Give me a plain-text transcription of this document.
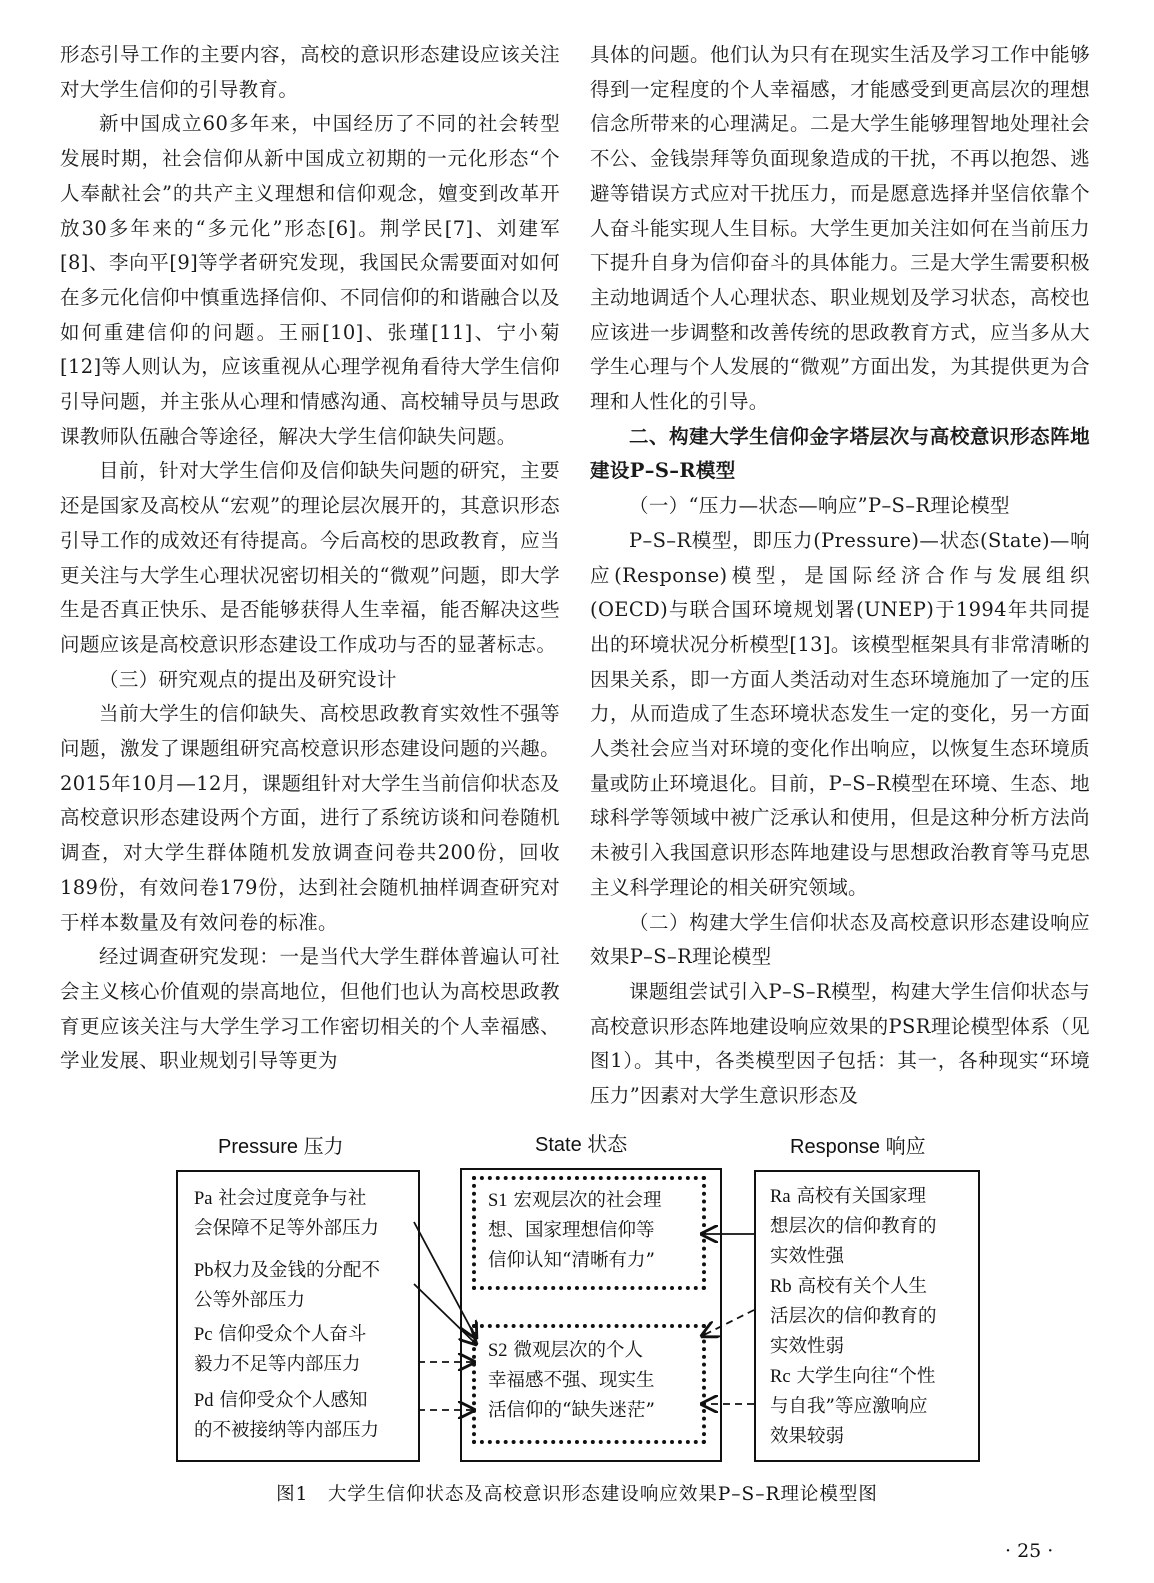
形态引导工作的主要内容，高校的意识形态建设应该关注对大学生信仰的引导教育。

新中国成立60多年来，中国经历了不同的社会转型发展时期，社会信仰从新中国成立初期的一元化形态“个人奉献社会”的共产主义理想和信仰观念，嬗变到改革开放30多年来的“多元化”形态[6]。荆学民[7]、刘建军[8]、李向平[9]等学者研究发现，我国民众需要面对如何在多元化信仰中慎重选择信仰、不同信仰的和谐融合以及如何重建信仰的问题。王丽[10]、张瑾[11]、宁小菊[12]等人则认为，应该重视从心理学视角看待大学生信仰引导问题，并主张从心理和情感沟通、高校辅导员与思政课教师队伍融合等途径，解决大学生信仰缺失问题。

目前，针对大学生信仰及信仰缺失问题的研究，主要还是国家及高校从“宏观”的理论层次展开的，其意识形态引导工作的成效还有待提高。今后高校的思政教育，应当更关注与大学生心理状况密切相关的“微观”问题，即大学生是否真正快乐、是否能够获得人生幸福，能否解决这些问题应该是高校意识形态建设工作成功与否的显著标志。

（三）研究观点的提出及研究设计

当前大学生的信仰缺失、高校思政教育实效性不强等问题，激发了课题组研究高校意识形态建设问题的兴趣。2015年10月—12月，课题组针对大学生当前信仰状态及高校意识形态建设两个方面，进行了系统访谈和问卷随机调查，对大学生群体随机发放调查问卷共200份，回收189份，有效问卷179份，达到社会随机抽样调查研究对于样本数量及有效问卷的标准。

经过调查研究发现：一是当代大学生群体普遍认可社会主义核心价值观的崇高地位，但他们也认为高校思政教育更应该关注与大学生学习工作密切相关的个人幸福感、学业发展、职业规划引导等更为

具体的问题。他们认为只有在现实生活及学习工作中能够得到一定程度的个人幸福感，才能感受到更高层次的理想信念所带来的心理满足。二是大学生能够理智地处理社会不公、金钱崇拜等负面现象造成的干扰，不再以抱怨、逃避等错误方式应对干扰压力，而是愿意选择并坚信依靠个人奋斗能实现人生目标。大学生更加关注如何在当前压力下提升自身为信仰奋斗的具体能力。三是大学生需要积极主动地调适个人心理状态、职业规划及学习状态，高校也应该进一步调整和改善传统的思政教育方式，应当多从大学生心理与个人发展的“微观”方面出发，为其提供更为合理和人性化的引导。

二、构建大学生信仰金字塔层次与高校意识形态阵地建设P–S–R模型

（一）“压力—状态—响应”P–S–R理论模型

P–S–R模型，即压力(Pressure)—状态(State)—响应(Response)模型，是国际经济合作与发展组织(OECD)与联合国环境规划署(UNEP)于1994年共同提出的环境状况分析模型[13]。该模型框架具有非常清晰的因果关系，即一方面人类活动对生态环境施加了一定的压力，从而造成了生态环境状态发生一定的变化，另一方面人类社会应当对环境的变化作出响应，以恢复生态环境质量或防止环境退化。目前，P–S–R模型在环境、生态、地球科学等领域中被广泛承认和使用，但是这种分析方法尚未被引入我国意识形态阵地建设与思想政治教育等马克思主义科学理论的相关研究领域。

（二）构建大学生信仰状态及高校意识形态建设响应效果P–S–R理论模型

课题组尝试引入P–S–R模型，构建大学生信仰状态与高校意识形态阵地建设响应效果的PSR理论模型体系（见图1）。其中，各类模型因子包括：其一，各种现实“环境压力”因素对大学生意识形态及

Pressure 压力	State 状态	Response 响应
Pa 社会过度竞争与社
会保障不足等外部压力
Pb权力及金钱的分配不
公等外部压力
Pc 信仰受众个人奋斗
毅力不足等内部压力
Pd 信仰受众个人感知
的不被接纳等内部压力
S1 宏观层次的社会理
想、国家理想信仰等
信仰认知“清晰有力”
S2 微观层次的个人
幸福感不强、现实生
活信仰的“缺失迷茫”
Ra 高校有关国家理
想层次的信仰教育的
实效性强
Rb 高校有关个人生
活层次的信仰教育的
实效性弱
Rc 大学生向往“个性
与自我”等应激响应
效果较弱
图1　大学生信仰状态及高校意识形态建设响应效果P–S–R理论模型图
· 25 ·
